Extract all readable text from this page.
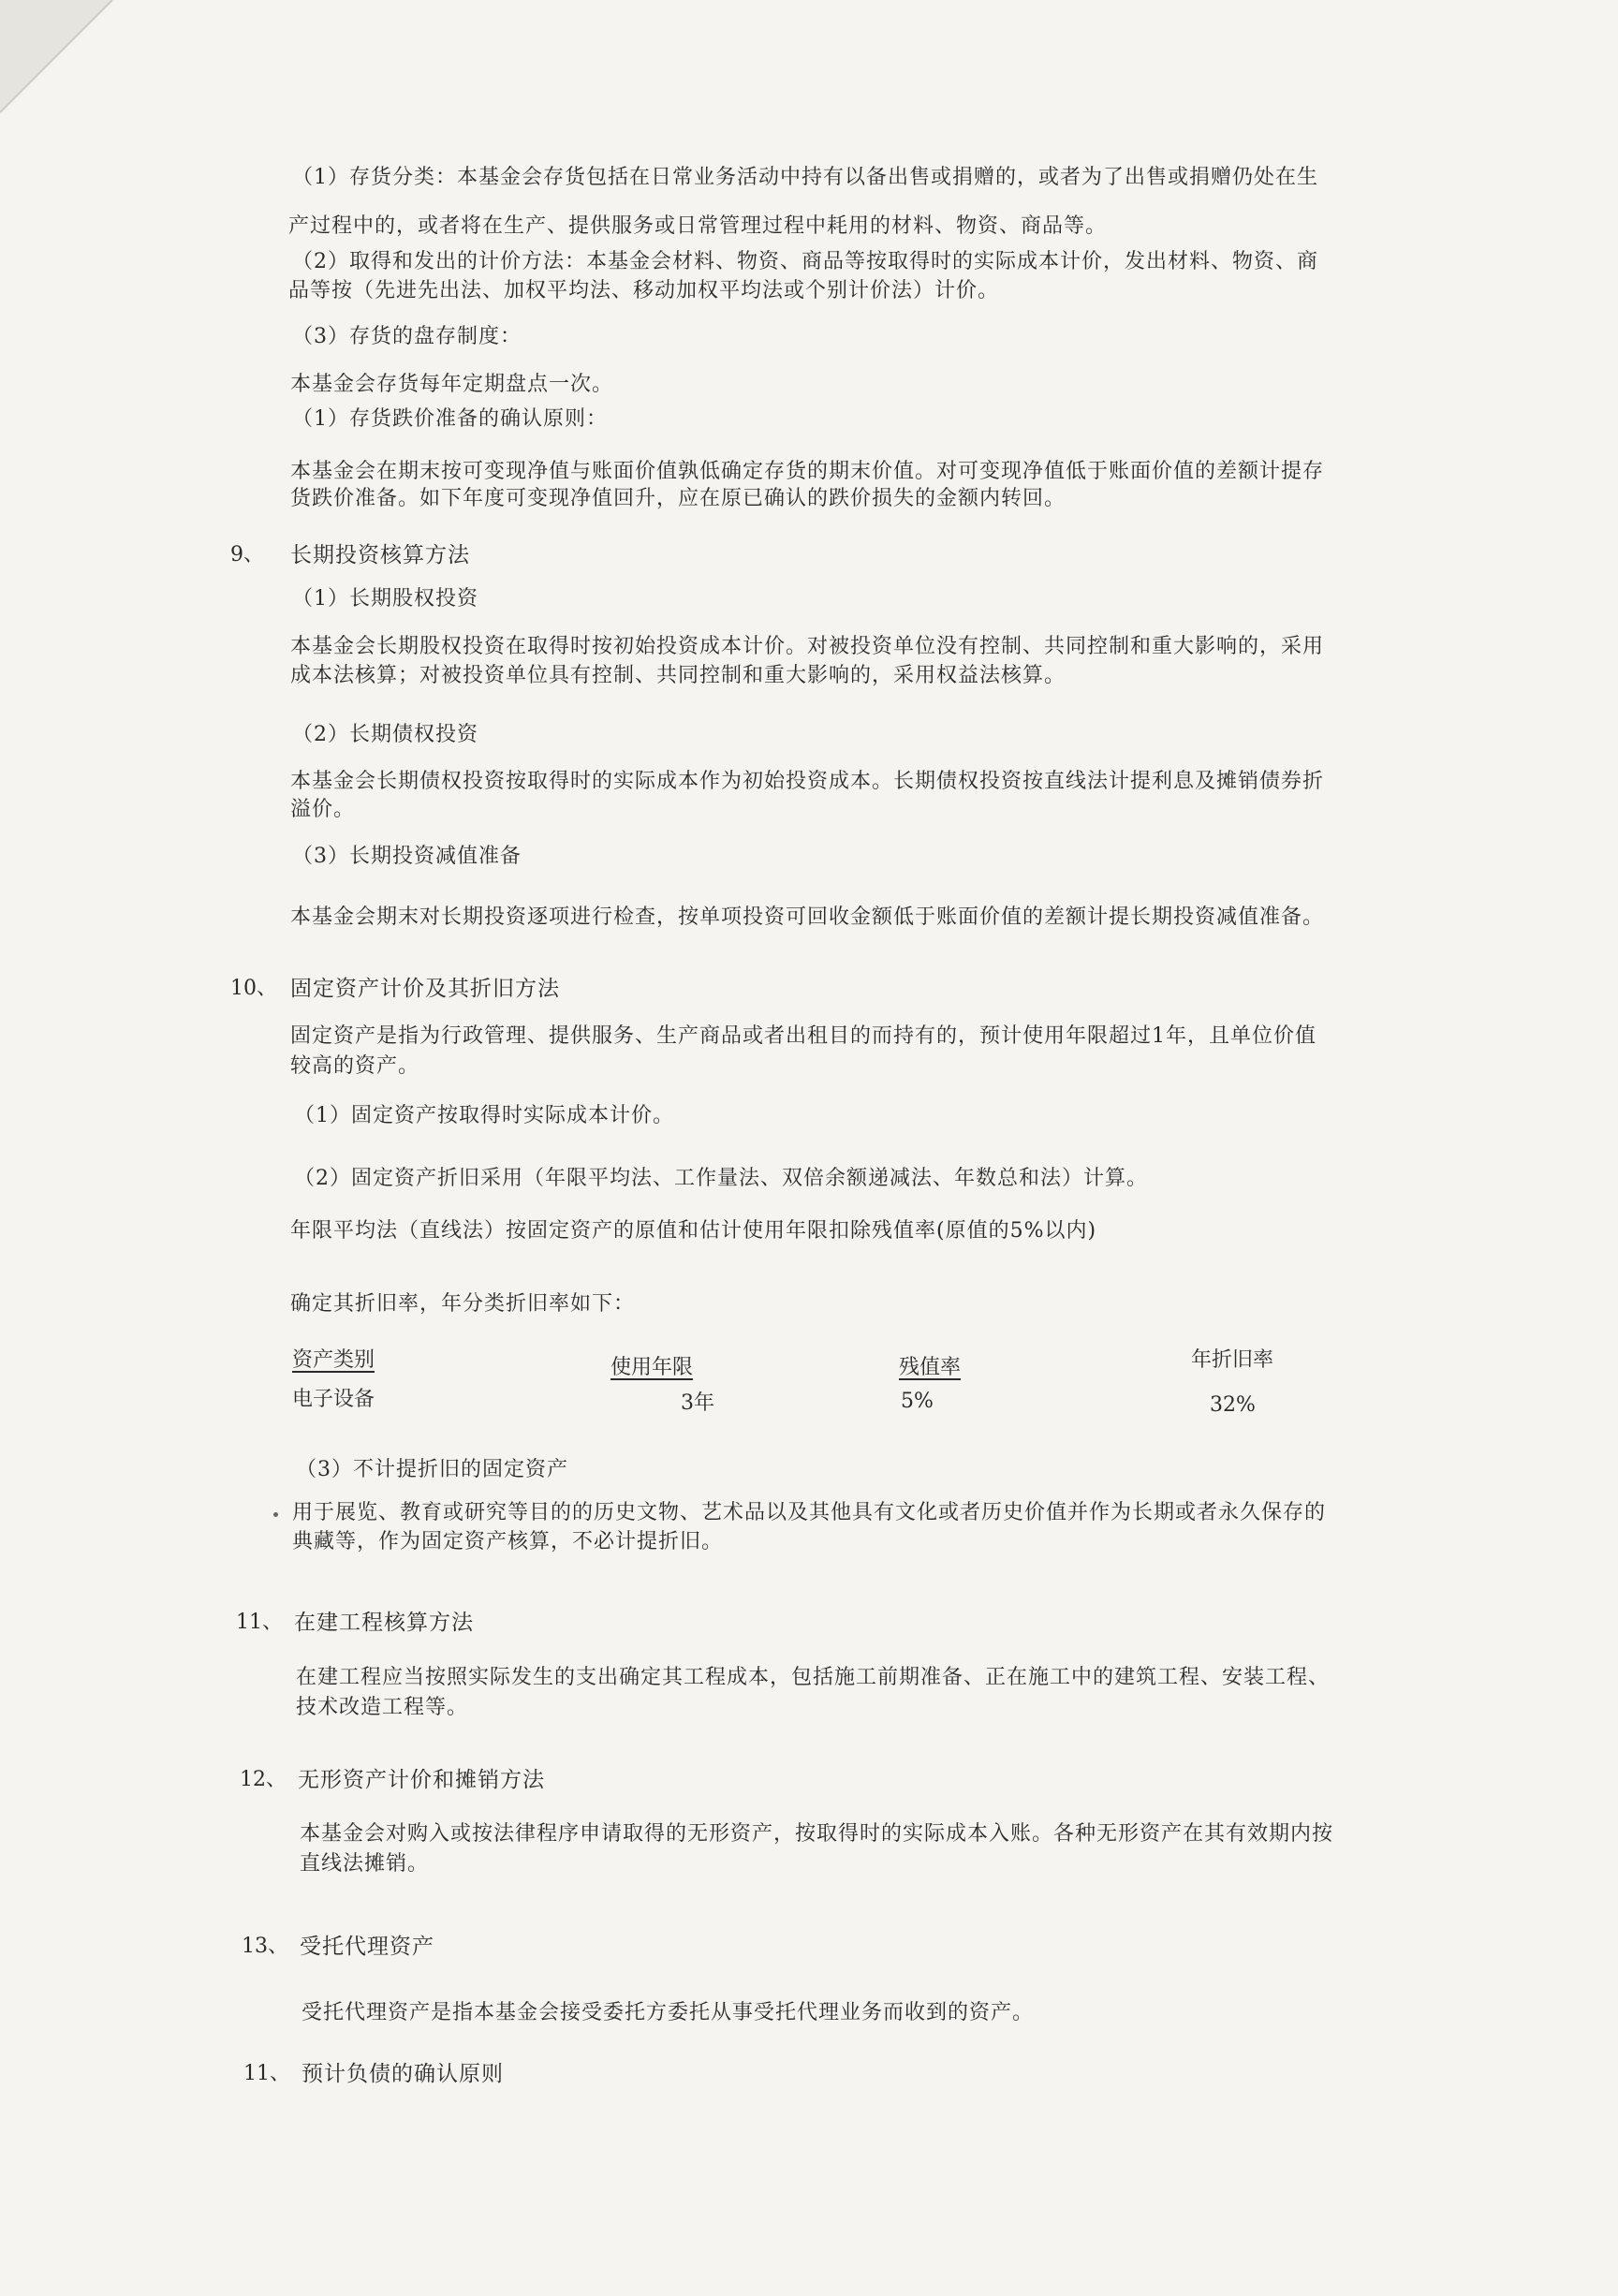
（1）存货分类：本基金会存货包括在日常业务活动中持有以备出售或捐赠的，或者为了出售或捐赠仍处在生
产过程中的，或者将在生产、提供服务或日常管理过程中耗用的材料、物资、商品等。
（2）取得和发出的计价方法：本基金会材料、物资、商品等按取得时的实际成本计价，发出材料、物资、商
品等按（先进先出法、加权平均法、移动加权平均法或个别计价法）计价。
（3）存货的盘存制度：
本基金会存货每年定期盘点一次。
（1）存货跌价准备的确认原则：
本基金会在期末按可变现净值与账面价值孰低确定存货的期末价值。对可变现净值低于账面价值的差额计提存
货跌价准备。如下年度可变现净值回升，应在原已确认的跌价损失的金额内转回。
9、 长期投资核算方法
（1）长期股权投资
本基金会长期股权投资在取得时按初始投资成本计价。对被投资单位没有控制、共同控制和重大影响的，采用
成本法核算；对被投资单位具有控制、共同控制和重大影响的，采用权益法核算。
（2）长期债权投资
本基金会长期债权投资按取得时的实际成本作为初始投资成本。长期债权投资按直线法计提利息及摊销债券折
溢价。
（3）长期投资减值准备
本基金会期末对长期投资逐项进行检查，按单项投资可回收金额低于账面价值的差额计提长期投资减值准备。
10、 固定资产计价及其折旧方法
固定资产是指为行政管理、提供服务、生产商品或者出租目的而持有的，预计使用年限超过1年，且单位价值
较高的资产。
（1）固定资产按取得时实际成本计价。
（2）固定资产折旧采用（年限平均法、工作量法、双倍余额递减法、年数总和法）计算。
年限平均法（直线法）按固定资产的原值和估计使用年限扣除残值率(原值的5%以内)
确定其折旧率，年分类折旧率如下：
资产类别	使用年限	残值率	年折旧率
电子设备	3年	5%	32%
（3）不计提折旧的固定资产
用于展览、教育或研究等目的的历史文物、艺术品以及其他具有文化或者历史价值并作为长期或者永久保存的
典藏等，作为固定资产核算，不必计提折旧。
11、 在建工程核算方法
在建工程应当按照实际发生的支出确定其工程成本，包括施工前期准备、正在施工中的建筑工程、安装工程、
技术改造工程等。
12、 无形资产计价和摊销方法
本基金会对购入或按法律程序申请取得的无形资产，按取得时的实际成本入账。各种无形资产在其有效期内按
直线法摊销。
13、 受托代理资产
受托代理资产是指本基金会接受委托方委托从事受托代理业务而收到的资产。
11、 预计负债的确认原则
